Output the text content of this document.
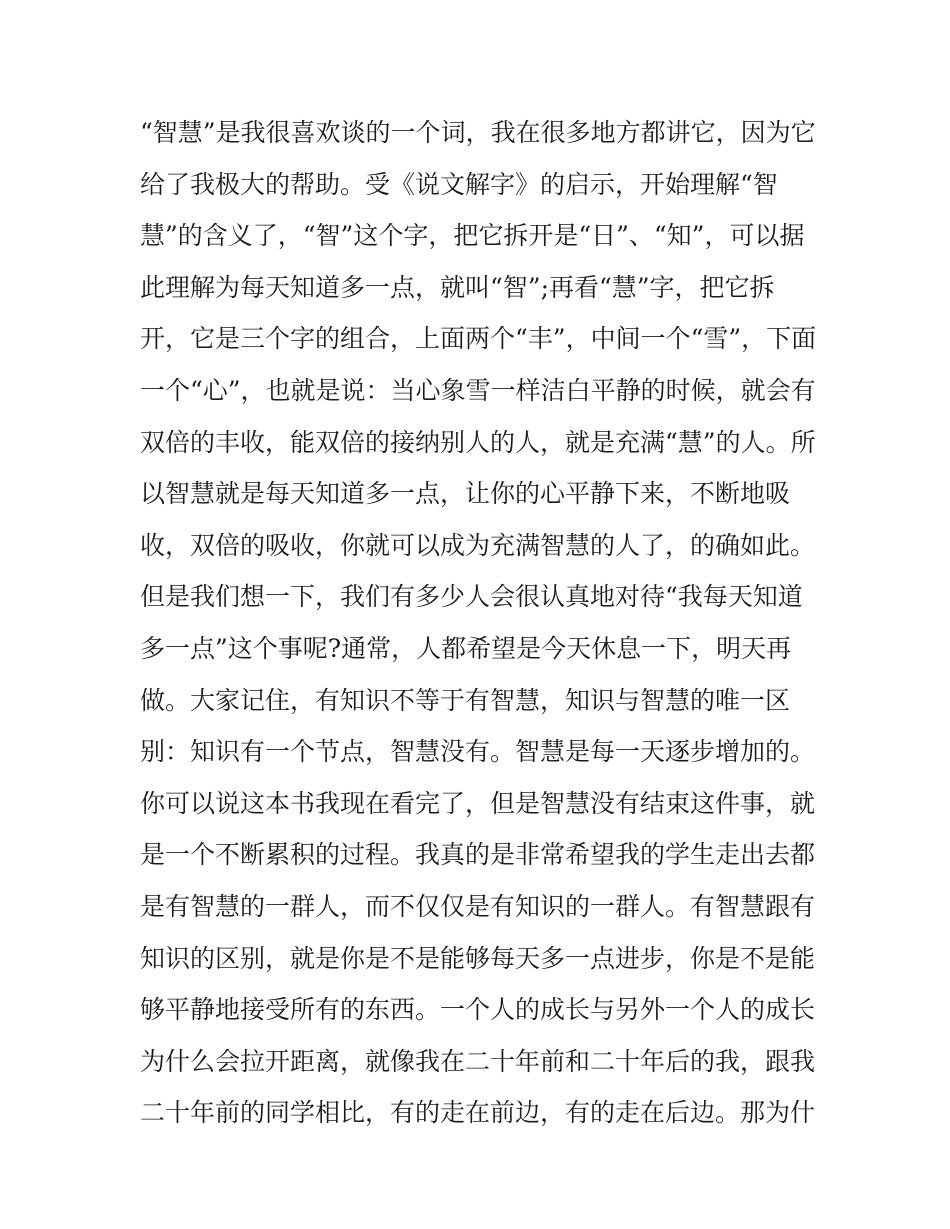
“智慧”是我很喜欢谈的一个词，我在很多地方都讲它，因为它
给了我极大的帮助。受《说文解字》的启示，开始理解“智
慧”的含义了，“智”这个字，把它拆开是“日”、“知”，可以据
此理解为每天知道多一点，就叫“智”;再看“慧”字，把它拆
开，它是三个字的组合，上面两个“丰”，中间一个“雪”，下面
一个“心”，也就是说：当心象雪一样洁白平静的时候，就会有
双倍的丰收，能双倍的接纳别人的人，就是充满“慧”的人。所
以智慧就是每天知道多一点，让你的心平静下来，不断地吸
收，双倍的吸收，你就可以成为充满智慧的人了，的确如此。
但是我们想一下，我们有多少人会很认真地对待“我每天知道
多一点”这个事呢?通常，人都希望是今天休息一下，明天再
做。大家记住，有知识不等于有智慧，知识与智慧的唯一区
别：知识有一个节点，智慧没有。智慧是每一天逐步增加的。
你可以说这本书我现在看完了，但是智慧没有结束这件事，就
是一个不断累积的过程。我真的是非常希望我的学生走出去都
是有智慧的一群人，而不仅仅是有知识的一群人。有智慧跟有
知识的区别，就是你是不是能够每天多一点进步，你是不是能
够平静地接受所有的东西。一个人的成长与另外一个人的成长
为什么会拉开距离，就像我在二十年前和二十年后的我，跟我
二十年前的同学相比，有的走在前边，有的走在后边。那为什
